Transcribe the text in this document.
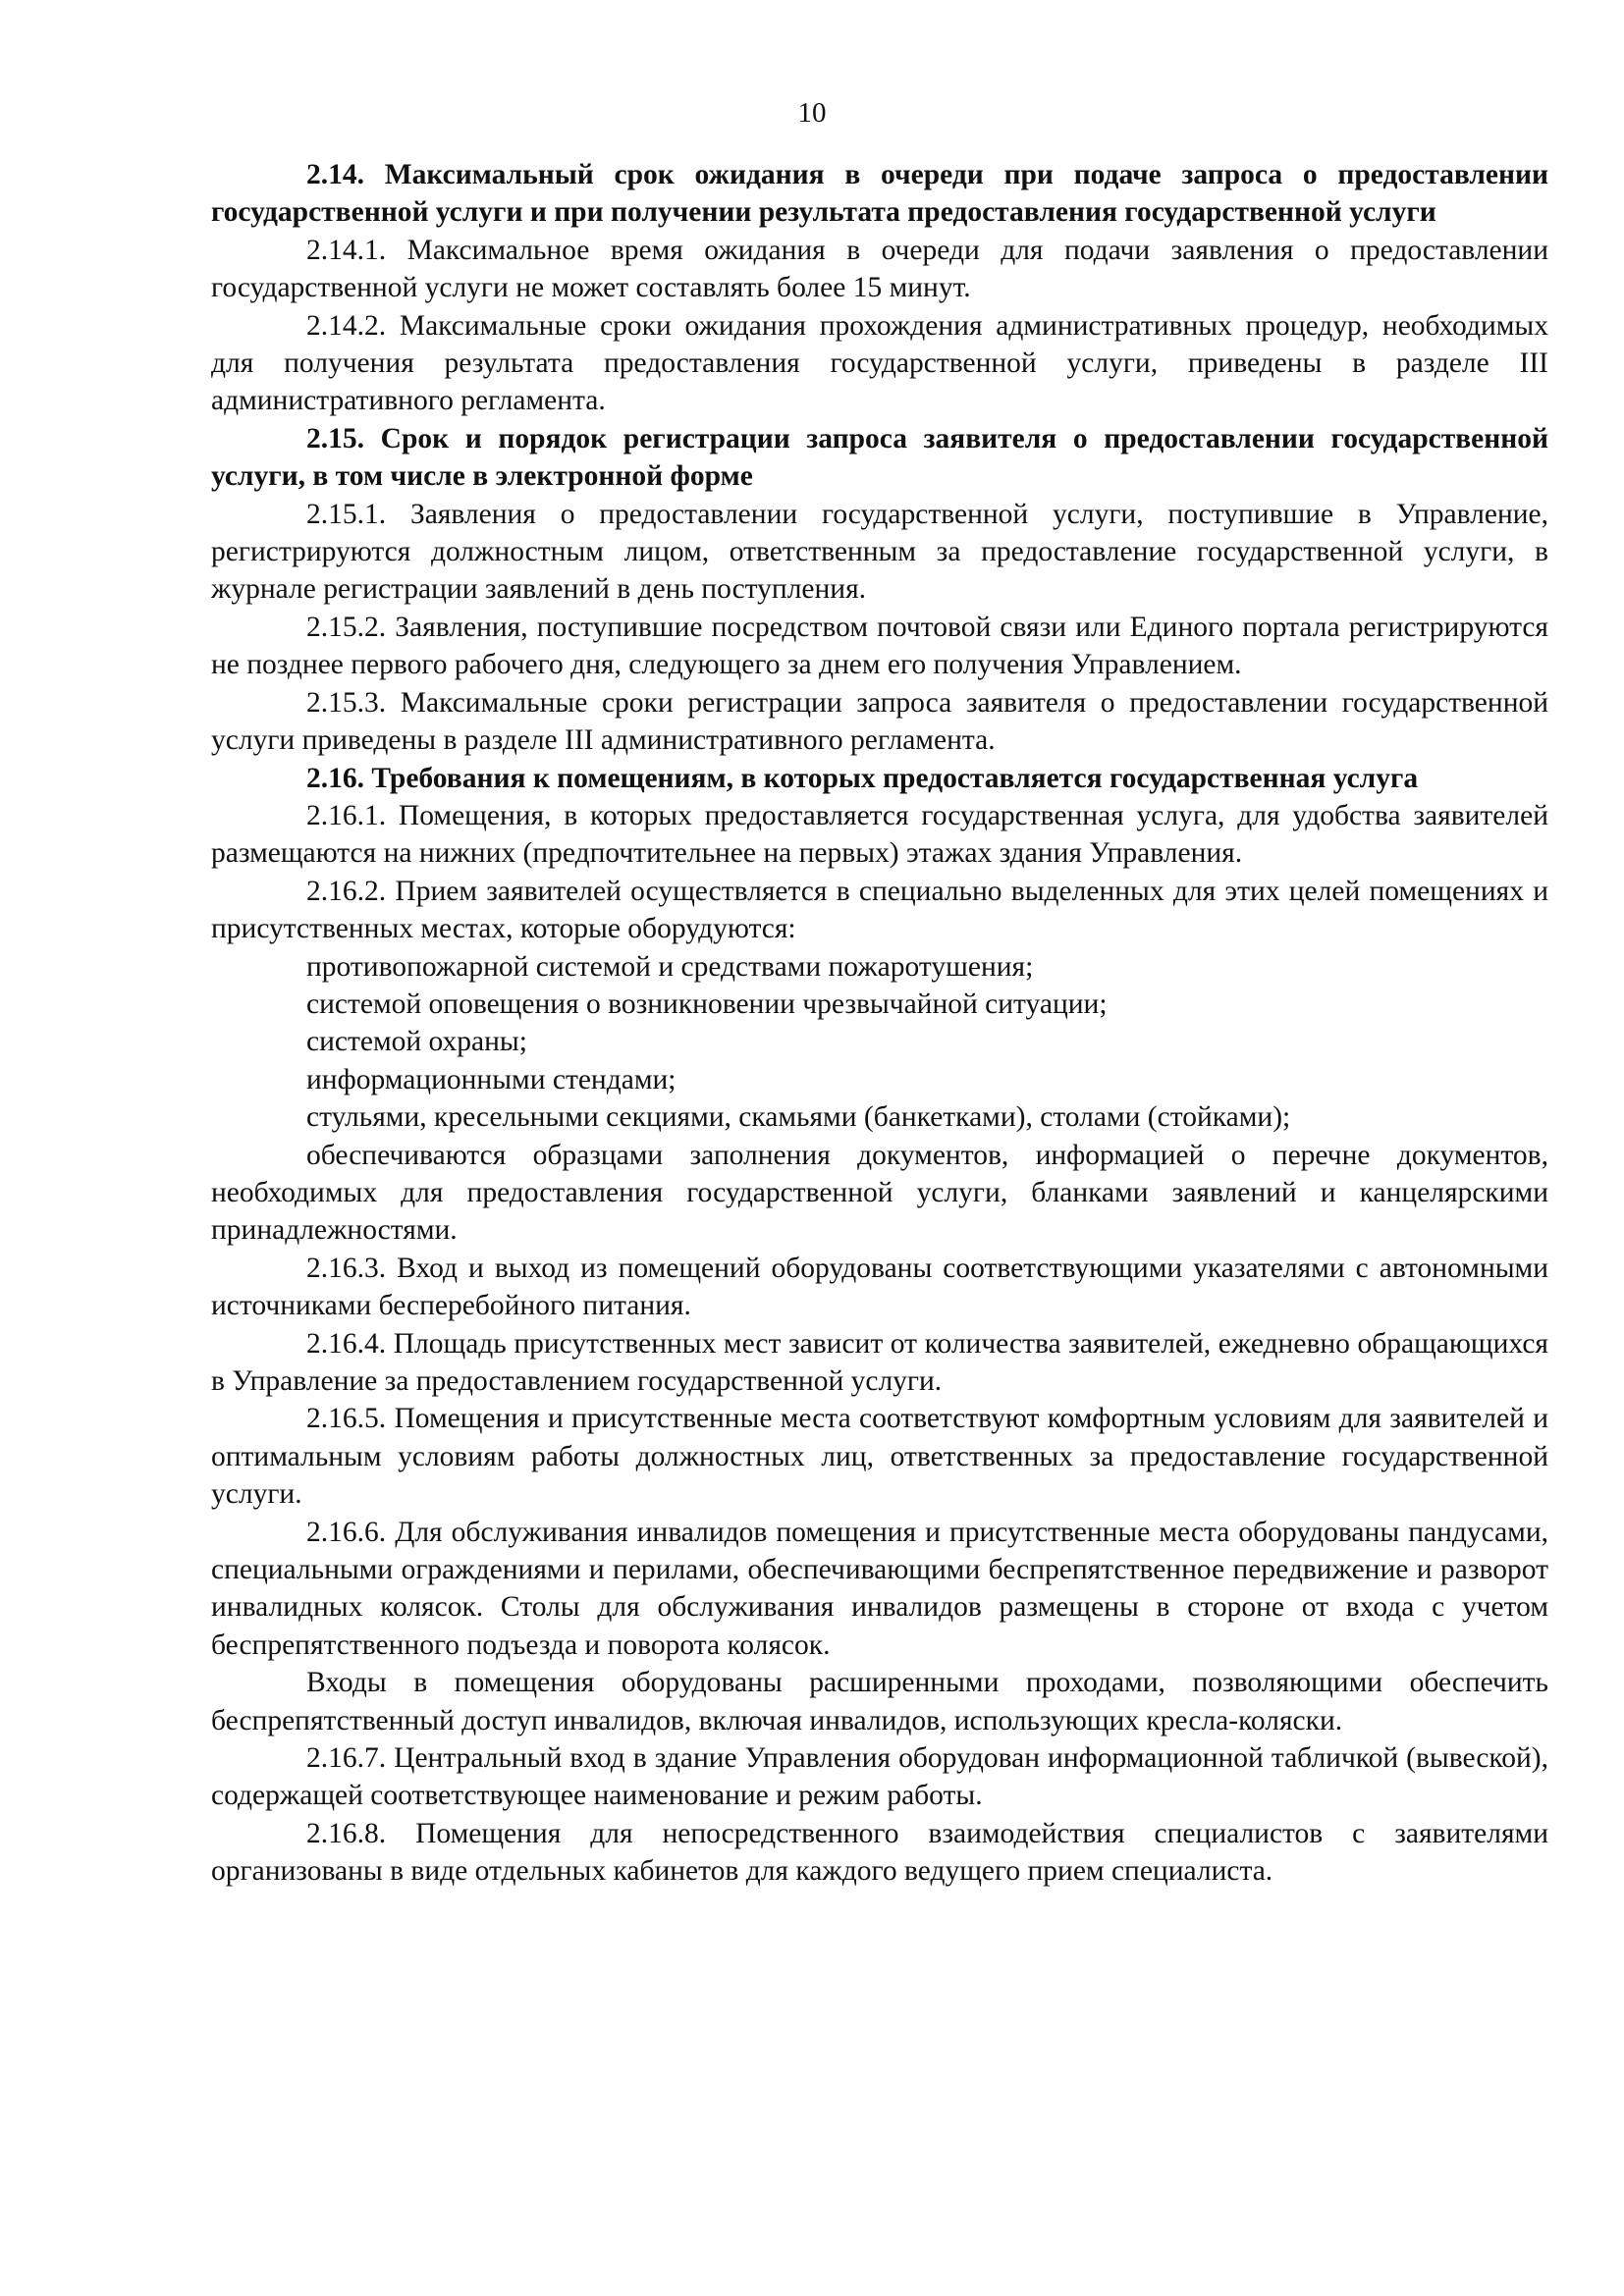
10

2.14. Максимальный срок ожидания в очереди при подаче запроса о предоставлении государственной услуги и при получении результата предоставления государственной услуги

2.14.1. Максимальное время ожидания в очереди для подачи заявления о предоставлении государственной услуги не может составлять более 15 минут.

2.14.2. Максимальные сроки ожидания прохождения административных процедур, необходимых для получения результата предоставления государственной услуги, приведены в разделе III административного регламента.

2.15. Срок и порядок регистрации запроса заявителя о предоставлении государственной услуги, в том числе в электронной форме

2.15.1. Заявления о предоставлении государственной услуги, поступившие в Управление, регистрируются должностным лицом, ответственным за предоставление государственной услуги, в журнале регистрации заявлений в день поступления.

2.15.2. Заявления, поступившие посредством почтовой связи или Единого портала регистрируются не позднее первого рабочего дня, следующего за днем его получения Управлением.

2.15.3. Максимальные сроки регистрации запроса заявителя о предоставлении государственной услуги приведены в разделе III административного регламента.

2.16. Требования к помещениям, в которых предоставляется государственная услуга

2.16.1. Помещения, в которых предоставляется государственная услуга, для удобства заявителей размещаются на нижних (предпочтительнее на первых) этажах здания Управления.

2.16.2. Прием заявителей осуществляется в специально выделенных для этих целей помещениях и присутственных местах, которые оборудуются:

противопожарной системой и средствами пожаротушения;

системой оповещения о возникновении чрезвычайной ситуации;

системой охраны;

информационными стендами;

стульями, кресельными секциями, скамьями (банкетками), столами (стойками);

обеспечиваются образцами заполнения документов, информацией о перечне документов, необходимых для предоставления государственной услуги, бланками заявлений и канцелярскими принадлежностями.

2.16.3. Вход и выход из помещений оборудованы соответствующими указателями с автономными источниками бесперебойного питания.

2.16.4. Площадь присутственных мест зависит от количества заявителей, ежедневно обращающихся в Управление за предоставлением государственной услуги.

2.16.5. Помещения и присутственные места соответствуют комфортным условиям для заявителей и оптимальным условиям работы должностных лиц, ответственных за предоставление государственной услуги.

2.16.6. Для обслуживания инвалидов помещения и присутственные места оборудованы пандусами, специальными ограждениями и перилами, обеспечивающими беспрепятственное передвижение и разворот инвалидных колясок. Столы для обслуживания инвалидов размещены в стороне от входа с учетом беспрепятственного подъезда и поворота колясок.

Входы в помещения оборудованы расширенными проходами, позволяющими обеспечить беспрепятственный доступ инвалидов, включая инвалидов, использующих кресла-коляски.

2.16.7. Центральный вход в здание Управления оборудован информационной табличкой (вывеской), содержащей соответствующее наименование и режим работы.

2.16.8. Помещения для непосредственного взаимодействия специалистов с заявителями организованы в виде отдельных кабинетов для каждого ведущего прием специалиста.
